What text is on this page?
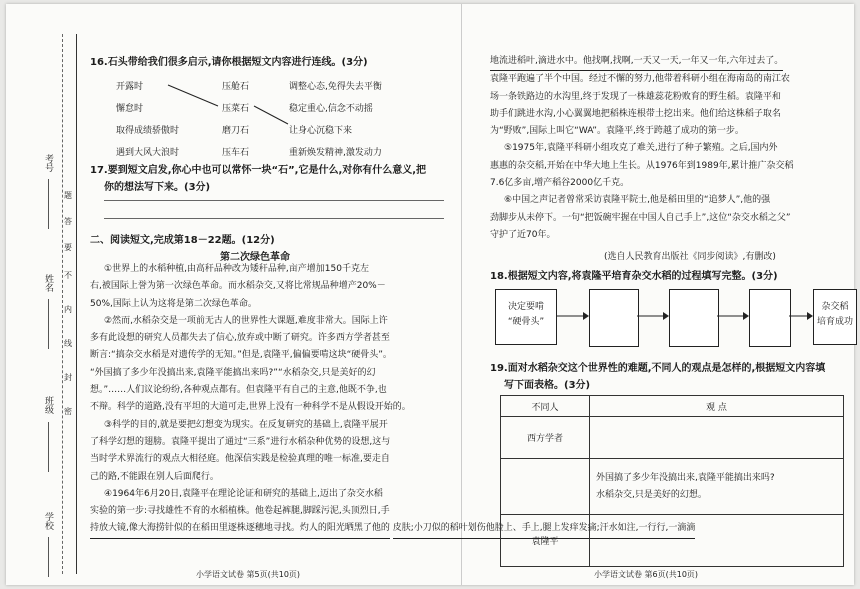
考号
姓名
班级
学校
密
封
线
内
不
要
答
题
16.石头带给我们很多启示,请你根据短文内容进行连线。(3分)
开露时
懈怠时
取得成绩骄傲时
遇到大风大浪时
压舱石
压菜石
磨刀石
压车石
调整心态,免得失去平衡
稳定重心,信念不动摇
让身心沉稳下来
重新焕发精神,激发动力
17.要到短文启发,你心中也可以常怀一块“石”,它是什么,对你有什么意义,把
你的想法写下来。(3分)
二、阅读短文,完成第18－22题。(12分)
第二次绿色革命
①世界上的水稻种植,由高秆品种改为矮秆品种,亩产增加150千克左
右,被国际上誉为第一次绿色革命。而水稻杂交,又将比常规品种增产20%－
50%,国际上认为这将是第二次绿色革命。
②然而,水稻杂交是一项前无古人的世界性大课题,难度非常大。国际上许
多有此设想的研究人员都失去了信心,放弃或中断了研究。许多西方学者甚至
断言:“搞杂交水稻是对遗传学的无知。”但是,袁隆平,偏偏要啃这块“硬骨头”。
“外国搞了多少年没搞出来,袁隆平能搞出来吗?”“水稻杂交,只是美好的幻
想。”……人们议论纷纷,各种观点都有。但袁隆平有自己的主意,他既不争,也
不辩。科学的道路,没有平坦的大道可走,世界上没有一种科学不是从假设开始的。
③科学的目的,就是要把幻想变为现实。在反复研究的基础上,袁隆平展开
了科学幻想的翅膀。袁隆平提出了通过“三系”进行水稻杂种优势的设想,这与
当时学术界流行的观点大相径庭。他深信实践是检验真理的唯一标准,要走自
己的路,不能跟在别人后面爬行。
④1964年6月20日,袁隆平在理论论证和研究的基础上,迈出了杂交水稻
实验的第一步:寻找雄性不育的水稻植株。他卷起裤腿,脚踩污泥,头顶烈日,手
持放大镜,像大海捞针似的在稻田里逐株逐穗地寻找。灼人的阳光晒黑了他的 皮肤;小刀似的稻叶划伤他脸上、手上,腿上发痒发痛;汗水如注,一行行,一滴滴
小学语文试卷 第5页(共10页)
地流进稻叶,滴进水中。他找啊,找啊,一天又一天,一年又一年,六年过去了。
袁隆平跑遍了半个中国。经过不懈的努力,他带着科研小组在海南岛的南江农
场一条铁路边的水沟里,终于发现了一株雄蕊花粉败育的野生稻。袁隆平和
助手们跳进水沟,小心翼翼地把稻株连根带土挖出来。他们给这株稻子取名
为“野败”,国际上叫它“WA”。袁隆平,终于跨越了成功的第一步。
⑤1975年,袁隆平科研小组攻克了难关,进行了种子繁殖。之后,国内外
惠惠的杂交稻,开始在中华大地上生长。从1976年到1989年,累计推广杂交稻
7.6亿多亩,增产稻谷2000亿千克。
⑥中国之声记者曾常采访袁隆平院士,他是稻田里的“追梦人”,他的强
劲脚步从未停下。一句“把饭碗牢握在中国人自己手上”,这位“杂交水稻之父”
守护了近70年。
(选自人民教育出版社《同步阅读》,有删改)
18.根据短文内容,将袁隆平培育杂交水稻的过程填写完整。(3分)
决定要啃
“硬骨头”
杂交稻
培育成功
19.面对水稻杂交这个世界性的难题,不同人的观点是怎样的,根据短文内容填
写下面表格。(3分)
不同人	观 点
西方学者	

	外国搞了多少年没搞出来,袁隆平能搞出来吗?
水稻杂交,只是美好的幻想。

袁隆平	
小学语文试卷 第6页(共10页)
